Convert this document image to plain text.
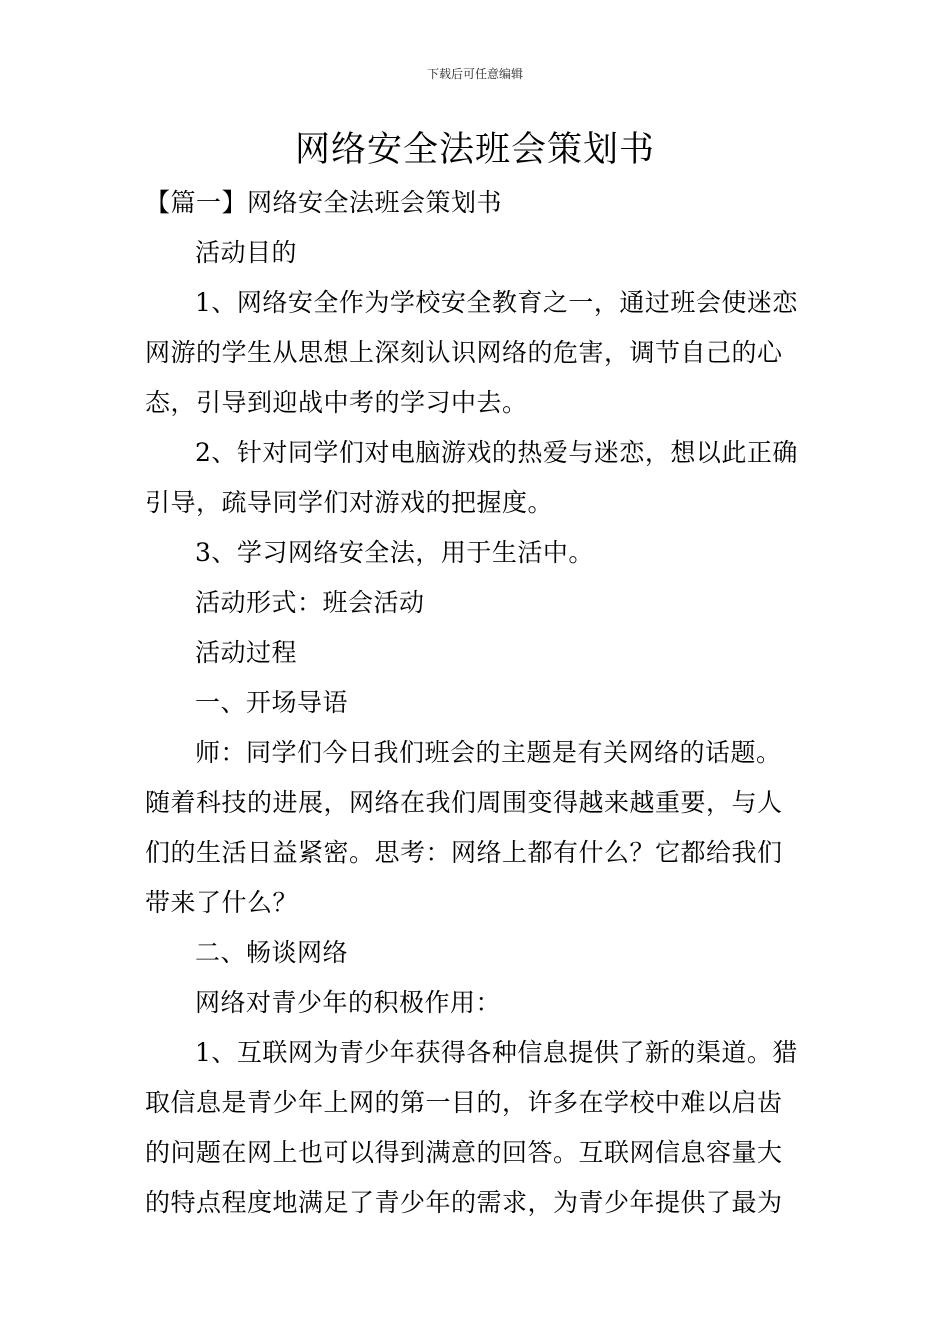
下载后可任意编辑
网络安全法班会策划书

【篇一】网络安全法班会策划书

活动目的

1、网络安全作为学校安全教育之一，通过班会使迷恋网游的学生从思想上深刻认识网络的危害，调节自己的心态，引导到迎战中考的学习中去。

2、针对同学们对电脑游戏的热爱与迷恋，想以此正确引导，疏导同学们对游戏的把握度。

3、学习网络安全法，用于生活中。

活动形式：班会活动

活动过程

一、开场导语

师：同学们今日我们班会的主题是有关网络的话题。随着科技的进展，网络在我们周围变得越来越重要，与人们的生活日益紧密。思考：网络上都有什么？它都给我们带来了什么？

二、畅谈网络

网络对青少年的积极作用：

1、互联网为青少年获得各种信息提供了新的渠道。猎取信息是青少年上网的第一目的，许多在学校中难以启齿的问题在网上也可以得到满意的回答。互联网信息容量大的特点程度地满足了青少年的需求，为青少年提供了最为
